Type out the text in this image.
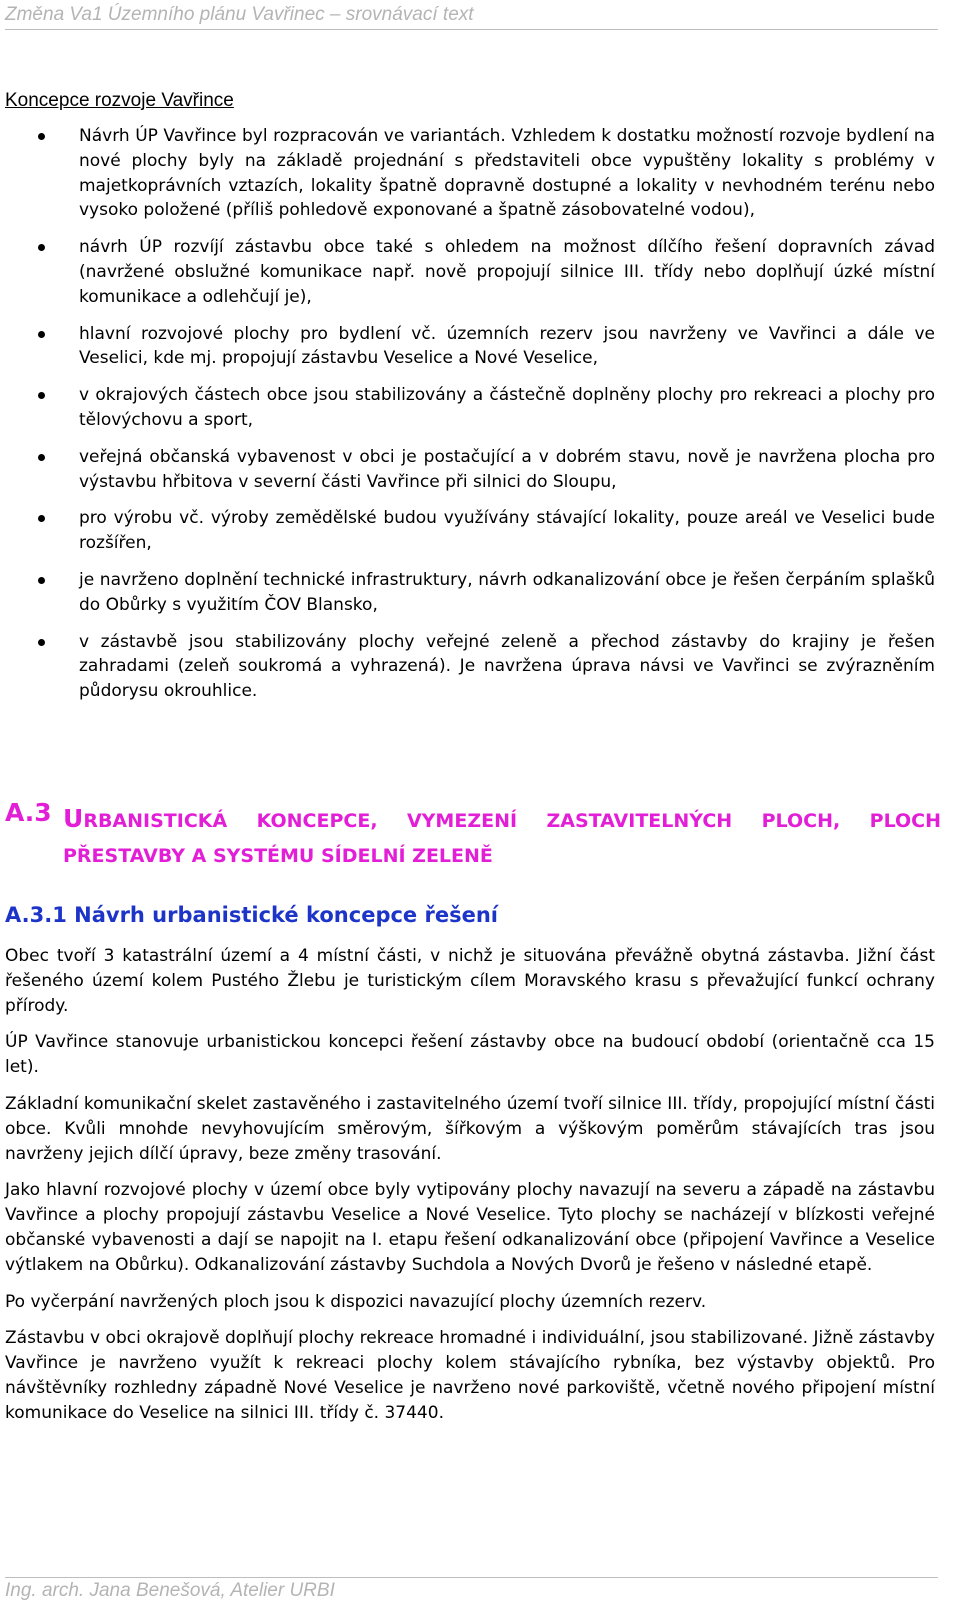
Změna Va1 Územního plánu Vavřinec – srovnávací text
Koncepce rozvoje Vavřince
Návrh ÚP Vavřince byl rozpracován ve variantách. Vzhledem k dostatku možností rozvoje bydlení na nové plochy byly na základě projednání s představiteli obce vypuštěny lokality s problémy v majetkoprávních vztazích, lokality špatně dopravně dostupné a lokality v nevhodném terénu nebo vysoko položené (příliš pohledově exponované a špatně zásobovatelné vodou),
návrh ÚP rozvíjí zástavbu obce také s ohledem na možnost dílčího řešení dopravních závad (navržené obslužné komunikace např. nově propojují silnice III. třídy nebo doplňují úzké místní komunikace a odlehčují je),
hlavní rozvojové plochy pro bydlení vč. územních rezerv jsou navrženy ve Vavřinci a dále ve Veselici, kde mj. propojují zástavbu Veselice a Nové Veselice,
v okrajových částech obce jsou stabilizovány a částečně doplněny plochy pro rekreaci a plochy pro tělovýchovu a sport,
veřejná občanská vybavenost v obci je postačující a v dobrém stavu, nově je navržena plocha pro výstavbu hřbitova v severní části Vavřince při silnici do Sloupu,
pro výrobu vč. výroby zemědělské budou využívány stávající lokality, pouze areál ve Veselici bude rozšířen,
je navrženo doplnění technické infrastruktury, návrh odkanalizování obce je řešen čerpáním splašků do Obůrky s využitím ČOV Blansko,
v zástavbě jsou stabilizovány plochy veřejné zeleně a přechod zástavby do krajiny je řešen zahradami (zeleň soukromá a vyhrazená). Je navržena úprava návsi ve Vavřinci se zvýrazněním půdorysu okrouhlice.
A.3 URBANISTICKÁ KONCEPCE, VYMEZENÍ ZASTAVITELNÝCH PLOCH, PLOCH PŘESTAVBY A SYSTÉMU SÍDELNÍ ZELENĚ
A.3.1 Návrh urbanistické koncepce řešení

Obec tvoří 3 katastrální území a 4 místní části, v nichž je situována převážně obytná zástavba. Jižní část řešeného území kolem Pustého Žlebu je turistickým cílem Moravského krasu s převažující funkcí ochrany přírody.

ÚP Vavřince stanovuje urbanistickou koncepci řešení zástavby obce na budoucí období (orientačně cca 15 let).

Základní komunikační skelet zastavěného i zastavitelného území tvoří silnice III. třídy, propojující místní části obce. Kvůli mnohde nevyhovujícím směrovým, šířkovým a výškovým poměrům stávajících tras jsou navrženy jejich dílčí úpravy, beze změny trasování.

Jako hlavní rozvojové plochy v území obce byly vytipovány plochy navazují na severu a západě na zástavbu Vavřince a plochy propojují zástavbu Veselice a Nové Veselice. Tyto plochy se nacházejí v blízkosti veřejné občanské vybavenosti a dají se napojit na I. etapu řešení odkanalizování obce (připojení Vavřince a Veselice výtlakem na Obůrku). Odkanalizování zástavby Suchdola a Nových Dvorů je řešeno v následné etapě.

Po vyčerpání navržených ploch jsou k dispozici navazující plochy územních rezerv.

Zástavbu v obci okrajově doplňují plochy rekreace hromadné i individuální, jsou stabilizované. Jižně zástavby Vavřince je navrženo využít k rekreaci plochy kolem stávajícího rybníka, bez výstavby objektů. Pro návštěvníky rozhledny západně Nové Veselice je navrženo nové parkoviště, včetně nového připojení místní komunikace do Veselice na silnici III. třídy č. 37440.

Ing. arch. Jana Benešová, Atelier URBI
